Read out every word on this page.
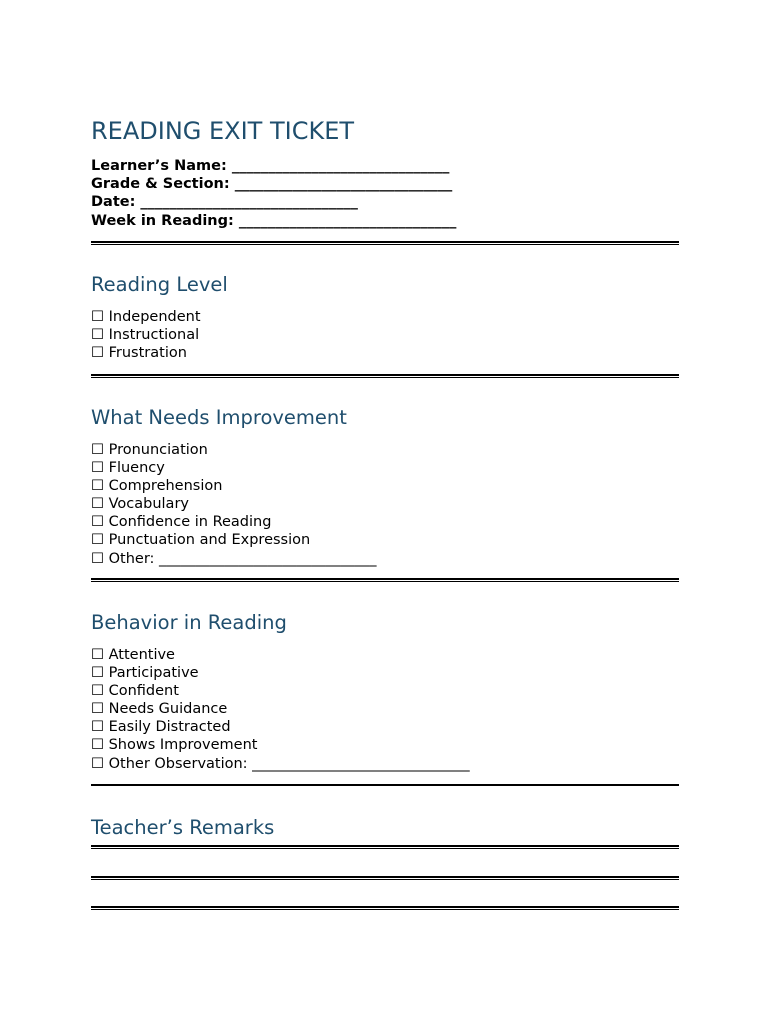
READING EXIT TICKET
Learner’s Name: ______________________________
Grade & Section: ______________________________
Date: ______________________________
Week in Reading: ______________________________
Reading Level
☐ Independent
☐ Instructional
☐ Frustration
What Needs Improvement
☐ Pronunciation
☐ Fluency
☐ Comprehension
☐ Vocabulary
☐ Confidence in Reading
☐ Punctuation and Expression
☐ Other: ______________________________
Behavior in Reading
☐ Attentive
☐ Participative
☐ Confident
☐ Needs Guidance
☐ Easily Distracted
☐ Shows Improvement
☐ Other Observation: ______________________________
Teacher’s Remarks
